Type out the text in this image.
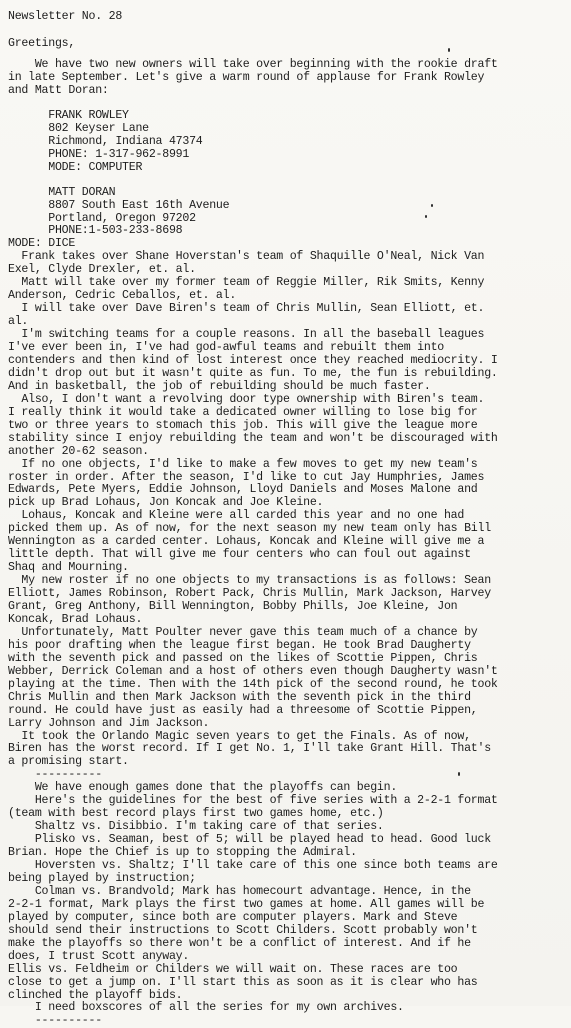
Newsletter No. 28

Greetings,

We have two new owners will take over beginning with the rookie draft

in late September. Let's give a warm round of applause for Frank Rowley

and Matt Doran:

FRANK ROWLEY

802 Keyser Lane

Richmond, Indiana 47374

PHONE: 1-317-962-8991

MODE: COMPUTER

MATT DORAN

8807 South East 16th Avenue

Portland, Oregon 97202

PHONE:1-503-233-8698

MODE: DICE

Frank takes over Shane Hoverstan's team of Shaquille O'Neal, Nick Van

Exel, Clyde Drexler, et. al.

Matt will take over my former team of Reggie Miller, Rik Smits, Kenny

Anderson, Cedric Ceballos, et. al.

I will take over Dave Biren's team of Chris Mullin, Sean Elliott, et.

al.

I'm switching teams for a couple reasons. In all the baseball leagues

I've ever been in, I've had god-awful teams and rebuilt them into

contenders and then kind of lost interest once they reached mediocrity. I

didn't drop out but it wasn't quite as fun. To me, the fun is rebuilding.

And in basketball, the job of rebuilding should be much faster.

Also, I don't want a revolving door type ownership with Biren's team.

I really think it would take a dedicated owner willing to lose big for

two or three years to stomach this job. This will give the league more

stability since I enjoy rebuilding the team and won't be discouraged with

another 20-62 season.

If no one objects, I'd like to make a few moves to get my new team's

roster in order. After the season, I'd like to cut Jay Humphries, James

Edwards, Pete Myers, Eddie Johnson, Lloyd Daniels and Moses Malone and

pick up Brad Lohaus, Jon Koncak and Joe Kleine.

Lohaus, Koncak and Kleine were all carded this year and no one had

picked them up. As of now, for the next season my new team only has Bill

Wennington as a carded center. Lohaus, Koncak and Kleine will give me a

little depth. That will give me four centers who can foul out against

Shaq and Mourning.

My new roster if no one objects to my transactions is as follows: Sean

Elliott, James Robinson, Robert Pack, Chris Mullin, Mark Jackson, Harvey

Grant, Greg Anthony, Bill Wennington, Bobby Phills, Joe Kleine, Jon

Koncak, Brad Lohaus.

Unfortunately, Matt Poulter never gave this team much of a chance by

his poor drafting when the league first began. He took Brad Daugherty

with the seventh pick and passed on the likes of Scottie Pippen, Chris

Webber, Derrick Coleman and a host of others even though Daugherty wasn't

playing at the time. Then with the 14th pick of the second round, he took

Chris Mullin and then Mark Jackson with the seventh pick in the third

round. He could have just as easily had a threesome of Scottie Pippen,

Larry Johnson and Jim Jackson.

It took the Orlando Magic seven years to get the Finals. As of now,

Biren has the worst record. If I get No. 1, I'll take Grant Hill. That's

a promising start.

----------

We have enough games done that the playoffs can begin.

Here's the guidelines for the best of five series with a 2-2-1 format

(team with best record plays first two games home, etc.)

Shaltz vs. Disibbio. I'm taking care of that series.

Plisko vs. Seaman, best of 5; will be played head to head. Good luck

Brian. Hope the Chief is up to stopping the Admiral.

Hoversten vs. Shaltz; I'll take care of this one since both teams are

being played by instruction;

Colman vs. Brandvold; Mark has homecourt advantage. Hence, in the

2-2-1 format, Mark plays the first two games at home. All games will be

played by computer, since both are computer players. Mark and Steve

should send their instructions to Scott Childers. Scott probably won't

make the playoffs so there won't be a conflict of interest. And if he

does, I trust Scott anyway.

Ellis vs. Feldheim or Childers we will wait on. These races are too

close to get a jump on. I'll start this as soon as it is clear who has

clinched the playoff bids.

I need boxscores of all the series for my own archives.

----------
